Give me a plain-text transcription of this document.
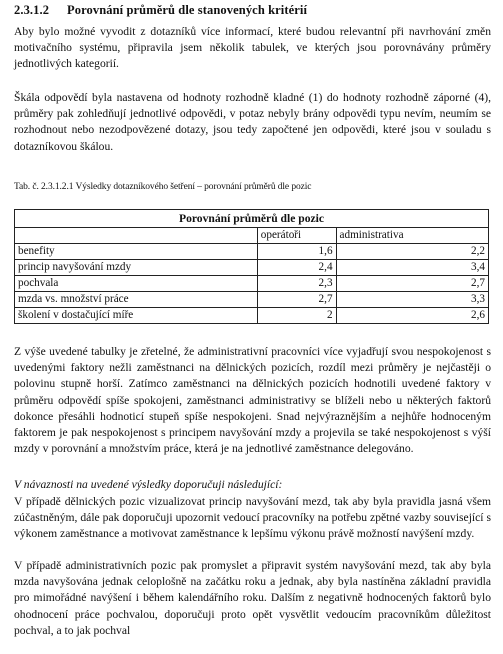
2.3.1.2 Porovnání průměrů dle stanovených kritérií

Aby bylo možné vyvodit z dotazníků více informací, které budou relevantní při navrhování změn motivačního systému, připravila jsem několik tabulek, ve kterých jsou porovnávány průměry jednotlivých kategorií.

Škála odpovědí byla nastavena od hodnoty rozhodně kladné (1) do hodnoty rozhodně záporné (4), průměry pak zohledňují jednotlivé odpovědi, v potaz nebyly brány odpovědi typu nevím, neumím se rozhodnout nebo nezodpovězené dotazy, jsou tedy započtené jen odpovědi, které jsou v souladu s dotazníkovou škálou.

Tab. č. 2.3.1.2.1 Výsledky dotazníkového šetření – porovnání průměrů dle pozic
Porovnání průměrů dle pozic		
	operátoři	administrativa
benefity	1,6	2,2
princip navyšování mzdy	2,4	3,4
pochvala	2,3	2,7
mzda vs. množství práce	2,7	3,3
školení v dostačující míře	2	2,6

Z výše uvedené tabulky je zřetelné, že administrativní pracovníci více vyjadřují svou nespokojenost s uvedenými faktory nežli zaměstnanci na dělnických pozicích, rozdíl mezi průměry je nejčastěji o polovinu stupně horší. Zatímco zaměstnanci na dělnických pozicích hodnotili uvedené faktory v průměru odpovědí spíše spokojeni, zaměstnanci administrativy se blíželi nebo u některých faktorů dokonce přesáhli hodnoticí stupeň spíše nespokojeni. Snad nejvýraznějším a nejhůře hodnoceným faktorem je pak nespokojenost s principem navyšování mzdy a projevila se také nespokojenost s výší mzdy v porovnání a množstvím práce, která je na jednotlivé zaměstnance delegováno.

V návaznosti na uvedené výsledky doporučuji následující:

V případě dělnických pozic vizualizovat princip navyšování mezd, tak aby byla pravidla jasná všem zúčastněným, dále pak doporučuji upozornit vedoucí pracovníky na potřebu zpětné vazby související s výkonem zaměstnance a motivovat zaměstnance k lepšímu výkonu právě možností navýšení mzdy.

V případě administrativních pozic pak promyslet a připravit systém navyšování mezd, tak aby byla mzda navyšována jednak celoplošně na začátku roku a jednak, aby byla nastíněna základní pravidla pro mimořádné navýšení i během kalendářního roku. Dalším z negativně hodnocených faktorů bylo ohodnocení práce pochvalou, doporučuji proto opět vysvětlit vedoucím pracovníkům důležitost pochval, a to jak pochval
